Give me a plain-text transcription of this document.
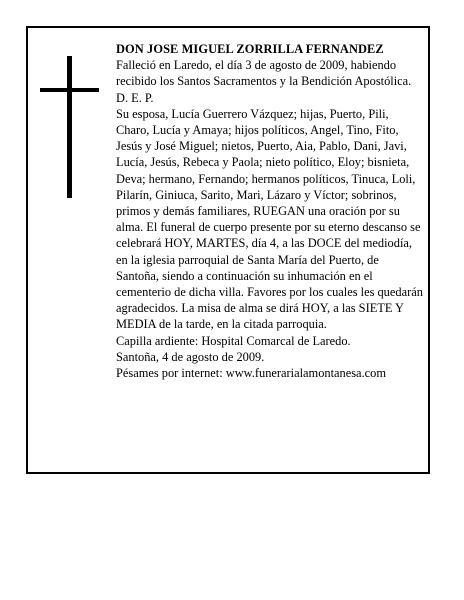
DON JOSE MIGUEL ZORRILLA FERNANDEZ

Falleció en Laredo, el día 3 de agosto de 2009, habiendo recibido los Santos Sacramentos y la Bendición Apostólica.

D. E. P.

Su esposa, Lucía Guerrero Vázquez; hijas, Puerto, Pili, Charo, Lucía y Amaya; hijos políticos, Angel, Tino, Fito, Jesús y José Miguel; nietos, Puerto, Aia, Pablo, Dani, Javi, Lucía, Jesús, Rebeca y Paola; nieto político, Eloy; bisnieta, Deva; hermano, Fernando; hermanos políticos, Tinuca, Loli, Pilarín, Giniuca, Sarito, Mari, Lázaro y Víctor; sobrinos, primos y demás familiares, RUEGAN una oración por su alma. El funeral de cuerpo presente por su eterno descanso se celebrará HOY, MARTES, día 4, a las DOCE del mediodía, en la iglesia parroquial de Santa María del Puerto, de Santoña, siendo a continuación su inhumación en el cementerio de dicha villa. Favores por los cuales les quedarán agradecidos. La misa de alma se dirá HOY, a las SIETE Y MEDIA de la tarde, en la citada parroquia.

Capilla ardiente: Hospital Comarcal de Laredo.

Santoña, 4 de agosto de 2009.

Pésames por internet: www.funerarialamontanesa.com
